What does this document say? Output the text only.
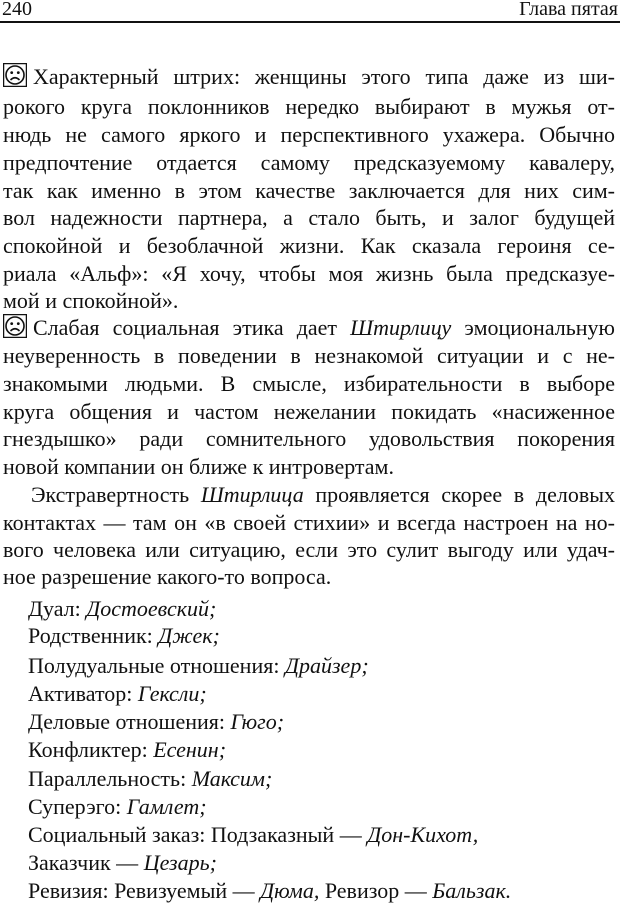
240	Глава пятая
Характерный штрих: женщины этого типа даже из ши-
рокого круга поклонников нередко выбирают в мужья от-
нюдь не самого яркого и перспективного ухажера. Обычно
предпочтение отдается самому предсказуемому кавалеру,
так как именно в этом качестве заключается для них сим-
вол надежности партнера, а стало быть, и залог будущей
спокойной и безоблачной жизни. Как сказала героиня се-
риала «Альф»: «Я хочу, чтобы моя жизнь была предсказуе-
мой и спокойной».
Слабая социальная этика дает Штирлицу эмоциональную
неуверенность в поведении в незнакомой ситуации и с не-
знакомыми людьми. В смысле, избирательности в выборе
круга общения и частом нежелании покидать «насиженное
гнездышко» ради сомнительного удовольствия покорения
новой компании он ближе к интровертам.
Экстравертность Штирлица проявляется скорее в деловых
контактах — там он «в своей стихии» и всегда настроен на но-
вого человека или ситуацию, если это сулит выгоду или удач-
ное разрешение какого-то вопроса.
Дуал: Достоевский;
Родственник: Джек;
Полудуальные отношения: Драйзер;
Активатор: Гексли;
Деловые отношения: Гюго;
Конфликтер: Есенин;
Параллельность: Максим;
Суперэго: Гамлет;
Социальный заказ: Подзаказный — Дон-Кихот,
Заказчик — Цезарь;
Ревизия: Ревизуемый — Дюма, Ревизор — Бальзак.
